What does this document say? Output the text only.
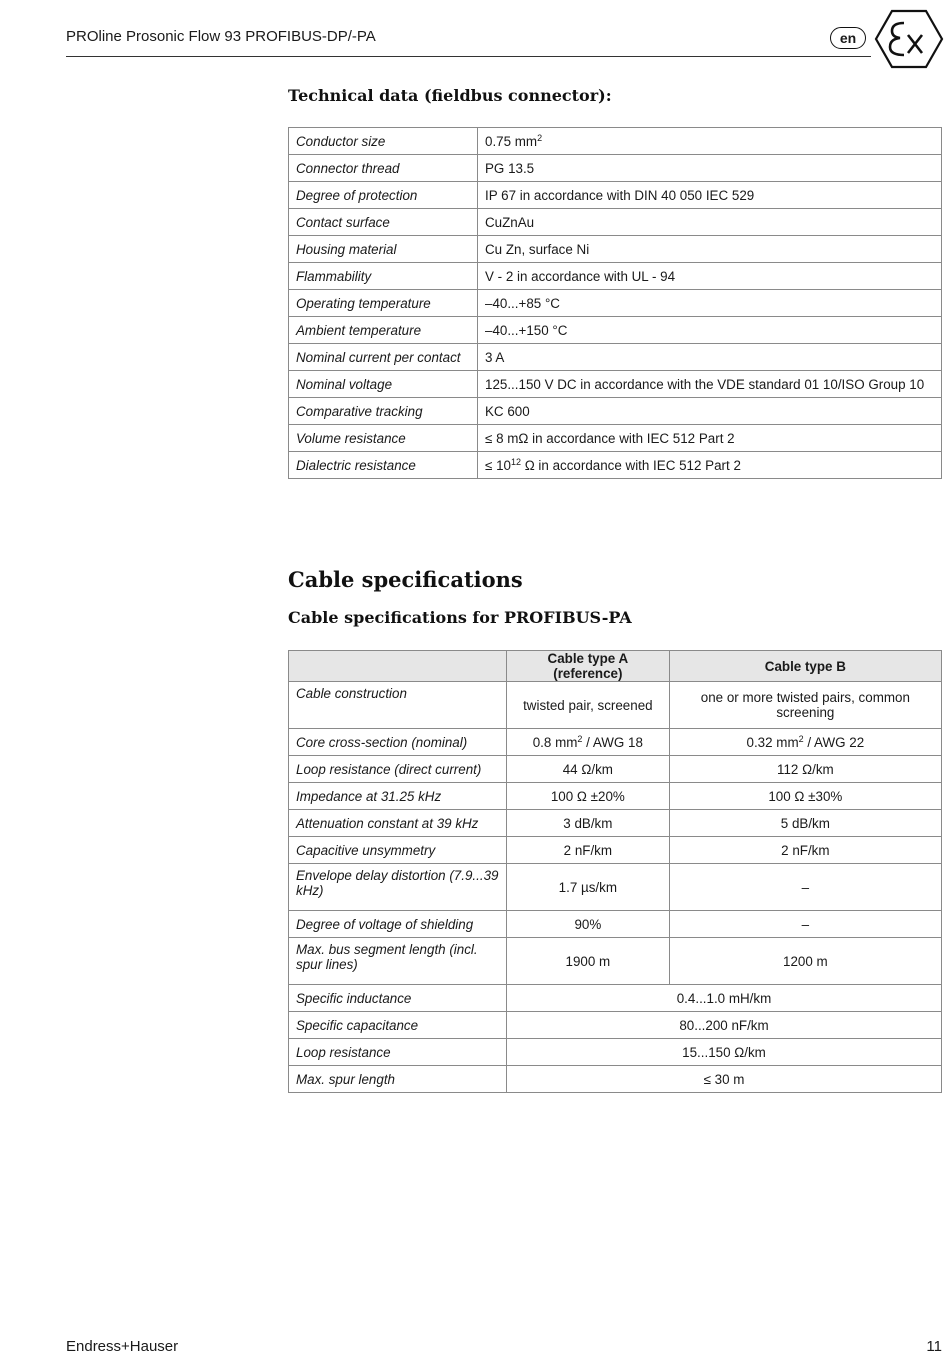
PROline Prosonic Flow 93 PROFIBUS-DP/-PA	en
Technical data (fieldbus connector):
Conductor size	0.75 $mm^2$
Connector thread	PG 13.5
Degree of protection	IP 67 in accordance with DIN 40 050 IEC 529
Contact surface	CuZnAu
Housing material	Cu Zn, surface Ni
Flammability	V - 2 in accordance with UL - 94
Operating temperature	–40...+85 °C
Ambient temperature	–40...+150 °C
Nominal current per contact	3 A
Nominal voltage	125...150 V DC in accordance with the VDE standard 01 10/ISO Group 10
Comparative tracking	KC 600
Volume resistance	≤ 8 mΩ in accordance with IEC 512 Part 2
Dialectric resistance	≤ $10^{12}$ Ω in accordance with IEC 512 Part 2
Cable specifications
Cable specifications for PROFIBUS-PA
	Cable type A (reference)	Cable type B
Cable construction	twisted pair, screened	one or more twisted pairs, common screening
Core cross-section (nominal)	0.8 $mm^2$ / AWG 18	0.32 $mm^2$ / AWG 22
Loop resistance (direct current)	44 Ω/km	112 Ω/km
Impedance at 31.25 kHz	100 Ω ±20%	100 Ω ±30%
Attenuation constant at 39 kHz	3 dB/km	5 dB/km
Capacitive unsymmetry	2 nF/km	2 nF/km
Envelope delay distortion (7.9...39 kHz)	1.7 µs/km	–
Degree of voltage of shielding	90%	–
Max. bus segment length (incl. spur lines)	1900 m	1200 m
Specific inductance	0.4...1.0 mH/km	
Specific capacitance	80...200 nF/km	
Loop resistance	15...150 Ω/km	
Max. spur length	≤ 30 m	
Endress+Hauser	11
